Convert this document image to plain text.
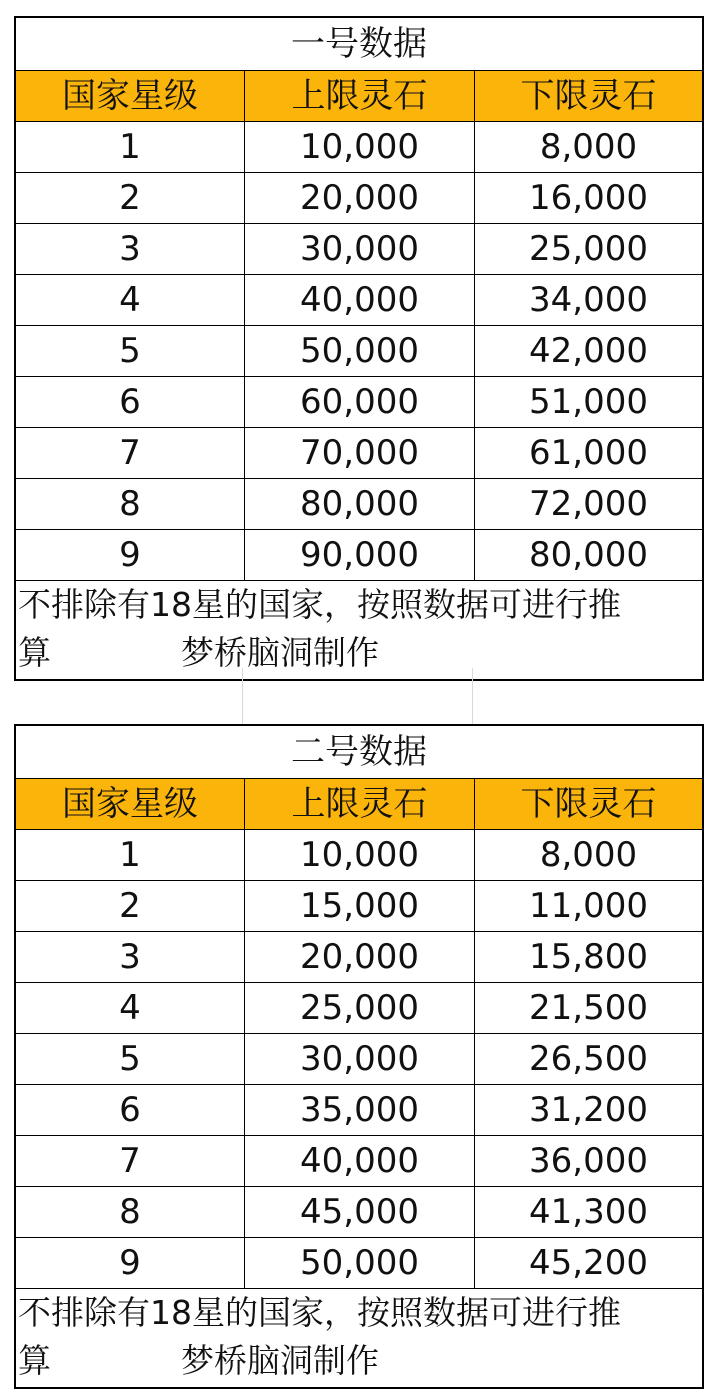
一号数据
国家星级	上限灵石	下限灵石
1	10,000	8,000
2	20,000	16,000
3	30,000	25,000
4	40,000	34,000
5	50,000	42,000
6	60,000	51,000
7	70,000	61,000
8	80,000	72,000
9	90,000	80,000
不排除有18星的国家，按照数据可进行推
算	梦桥脑洞制作
二号数据
国家星级	上限灵石	下限灵石
1	10,000	8,000
2	15,000	11,000
3	20,000	15,800
4	25,000	21,500
5	30,000	26,500
6	35,000	31,200
7	40,000	36,000
8	45,000	41,300
9	50,000	45,200
不排除有18星的国家，按照数据可进行推
算	梦桥脑洞制作
